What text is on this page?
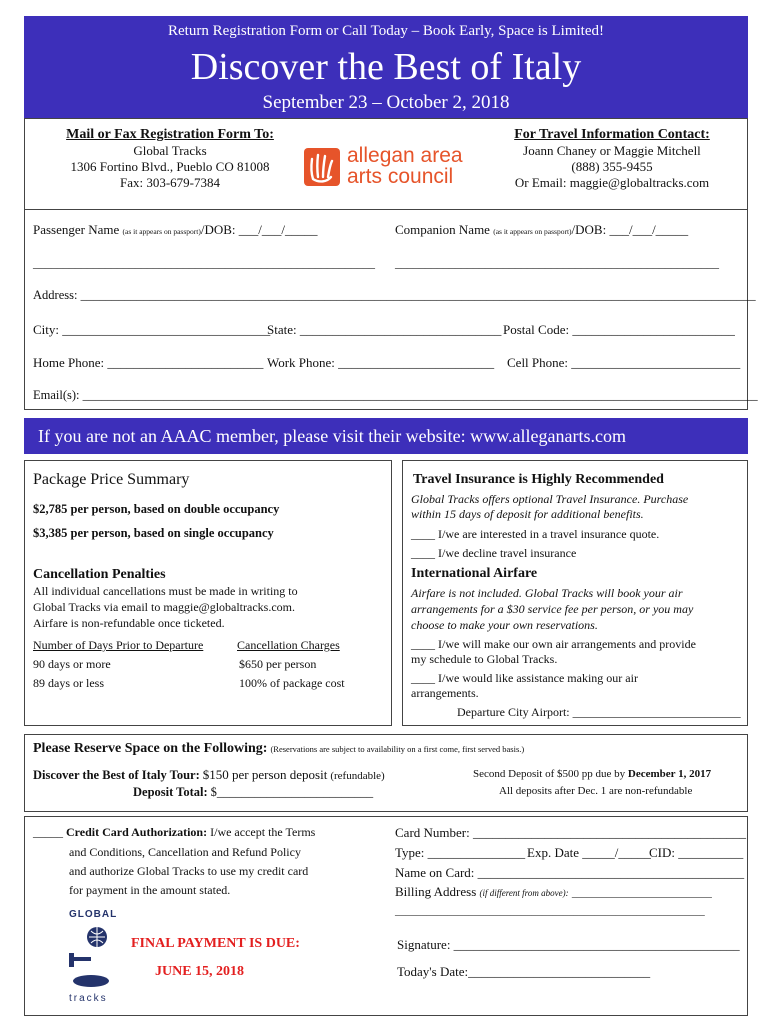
Return Registration Form or Call Today – Book Early, Space is Limited!
Discover the Best of Italy
September 23 – October 2, 2018
Mail or Fax Registration Form To:
Global Tracks
1306 Fortino Blvd., Pueblo CO 81008
Fax: 303-679-7384
allegan area
arts council
For Travel Information Contact:
Joann Chaney or Maggie Mitchell
(888) 355-9455
Or Email: maggie@globaltracks.com
Passenger Name (as it appears on passport)/DOB: ___/___/_____	Companion Name (as it appears on passport)/DOB: ___/___/_____
_________________________________________________________ ______________________________________________________
Address: ____________________________________________________________________________________________________________
City: ________________________________
State: _______________________________ Postal Code: _________________________
Home Phone: ________________________ Work Phone: ________________________ Cell Phone: __________________________
Email(s): ____________________________________________________________________________________________________________
If you are not an AAAC member, please visit their website: www.alleganarts.com
Package Price Summary
$2,785 per person, based on double occupancy
$3,385 per person, based on single occupancy
Cancellation Penalties
All individual cancellations must be made in writing to
Global Tracks via email to maggie@globaltracks.com.
Airfare is non-refundable once ticketed.
Number of Days Prior to Departure	Cancellation Charges
90 days or more	$650 per person
89 days or less	100% of package cost
Travel Insurance is Highly Recommended
Global Tracks offers optional Travel Insurance. Purchase
within 15 days of deposit for additional benefits.
____ I/we are interested in a travel insurance quote.
____ I/we decline travel insurance
International Airfare
Airfare is not included. Global Tracks will book your air
arrangements for a $30 service fee per person, or you may
choose to make your own reservations.
____ I/we will make our own air arrangements and provide
my schedule to Global Tracks.
____ I/we would like assistance making our air
arrangements.
Departure City Airport: ____________________________
Please Reserve Space on the Following: (Reservations are subject to availability on a first come, first served basis.)
Discover the Best of Italy Tour: $150 per person deposit (refundable)
Deposit Total: $_________________________
Second Deposit of $500 pp due by December 1, 2017
All deposits after Dec. 1 are non-refundable
_____ Credit Card Authorization: I/we accept the Terms
and Conditions, Cancellation and Refund Policy
and authorize Global Tracks to use my credit card
for payment in the amount stated.
GLOBAL
tracks
FINAL PAYMENT IS DUE:
JUNE 15, 2018
Card Number: __________________________________________
Type: _______________ Exp. Date _____/_____
CID: __________
Name on Card: _________________________________________
Billing Address (if different from above): ____________________________
___________________________________________________________
Signature: ____________________________________________
Today's Date:____________________________
